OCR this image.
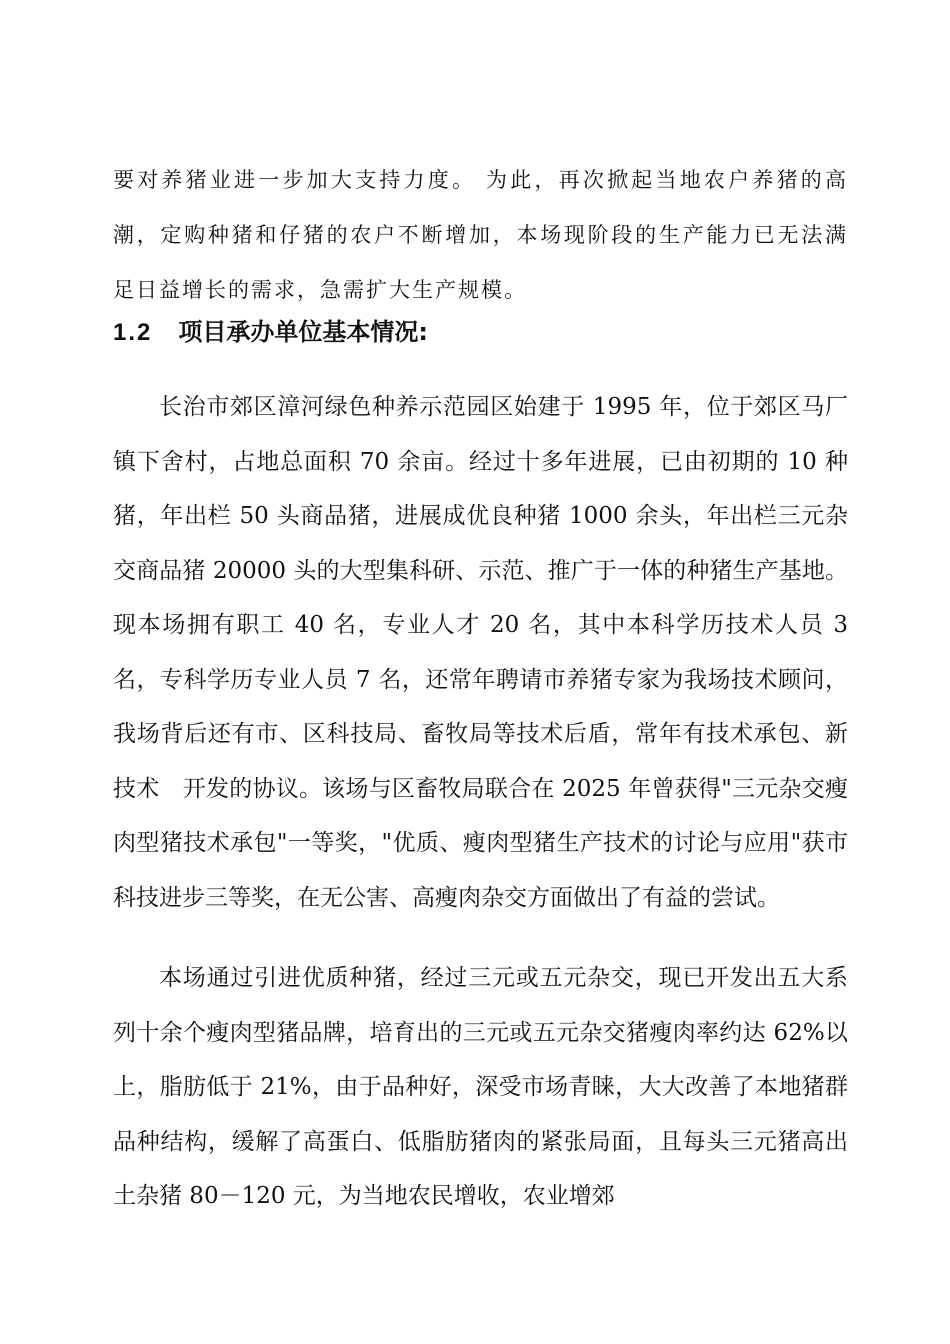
要对养猪业进一步加大支持力度。 为此，再次掀起当地农户养猪的高潮，定购种猪和仔猪的农户不断增加，本场现阶段的生产能力已无法满足日益增长的需求，急需扩大生产规模。

1.2 项目承办单位基本情况:

长治市郊区漳河绿色种养示范园区始建于 1995 年，位于郊区马厂镇下舍村，占地总面积 70 余亩。经过十多年进展，已由初期的 10 种猪，年出栏 50 头商品猪，进展成优良种猪 1000 余头，年出栏三元杂交商品猪 20000 头的大型集科研、示范、推广于一体的种猪生产基地。现本场拥有职工 40 名，专业人才 20 名，其中本科学历技术人员 3 名，专科学历专业人员 7 名，还常年聘请市养猪专家为我场技术顾问，我场背后还有市、区科技局、畜牧局等技术后盾，常年有技术承包、新技术　开发的协议。该场与区畜牧局联合在 2025 年曾获得"三元杂交瘦肉型猪技术承包"一等奖，"优质、瘦肉型猪生产技术的讨论与应用"获市科技进步三等奖，在无公害、高瘦肉杂交方面做出了有益的尝试。

本场通过引进优质种猪，经过三元或五元杂交，现已开发出五大系列十余个瘦肉型猪品牌，培育出的三元或五元杂交猪瘦肉率约达 62%以上，脂肪低于 21%，由于品种好，深受市场青睐，大大改善了本地猪群品种结构，缓解了高蛋白、低脂肪猪肉的紧张局面，且每头三元猪高出土杂猪 80－120 元，为当地农民增收，农业增郊
